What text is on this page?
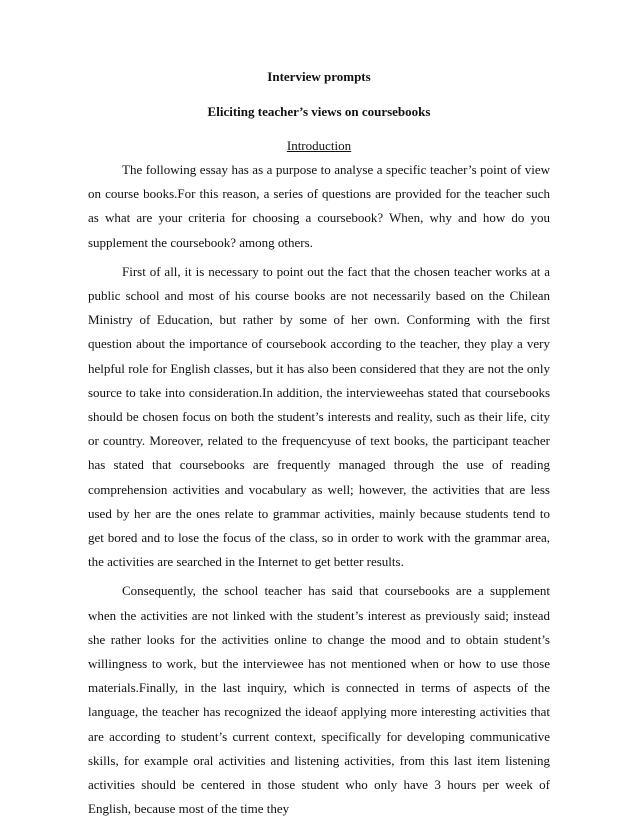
Interview prompts

Eliciting teacher’s views on coursebooks

Introduction

The following essay has as a purpose to analyse a specific teacher’s point of view on course books.For this reason, a series of questions are provided for the teacher such as what are your criteria for choosing a coursebook? When, why and how do you supplement the coursebook? among others.

First of all, it is necessary to point out the fact that the chosen teacher works at a public school and most of his course books are not necessarily based on the Chilean Ministry of Education, but rather by some of her own. Conforming with the first question about the importance of coursebook according to the teacher, they play a very helpful role for English classes, but it has also been considered that they are not the only source to take into consideration.In addition, the intervieweehas stated that coursebooks should be chosen focus on both the student’s interests and reality, such as their life, city or country. Moreover, related to the frequencyuse of text books, the participant teacher has stated that coursebooks are frequently managed through the use of reading comprehension activities and vocabulary as well; however, the activities that are less used by her are the ones relate to grammar activities, mainly because students tend to get bored and to lose the focus of the class, so in order to work with the grammar area, the activities are searched in the Internet to get better results.

Consequently, the school teacher has said that coursebooks are a supplement when the activities are not linked with the student’s interest as previously said; instead she rather looks for the activities online to change the mood and to obtain student’s willingness to work, but the interviewee has not mentioned when or how to use those materials.Finally, in the last inquiry, which is connected in terms of aspects of the language, the teacher has recognized the ideaof applying more interesting activities that are according to student’s current context, specifically for developing communicative skills, for example oral activities and listening activities, from this last item listening activities should be centered in those student who only have 3 hours per week of English, because most of the time they
